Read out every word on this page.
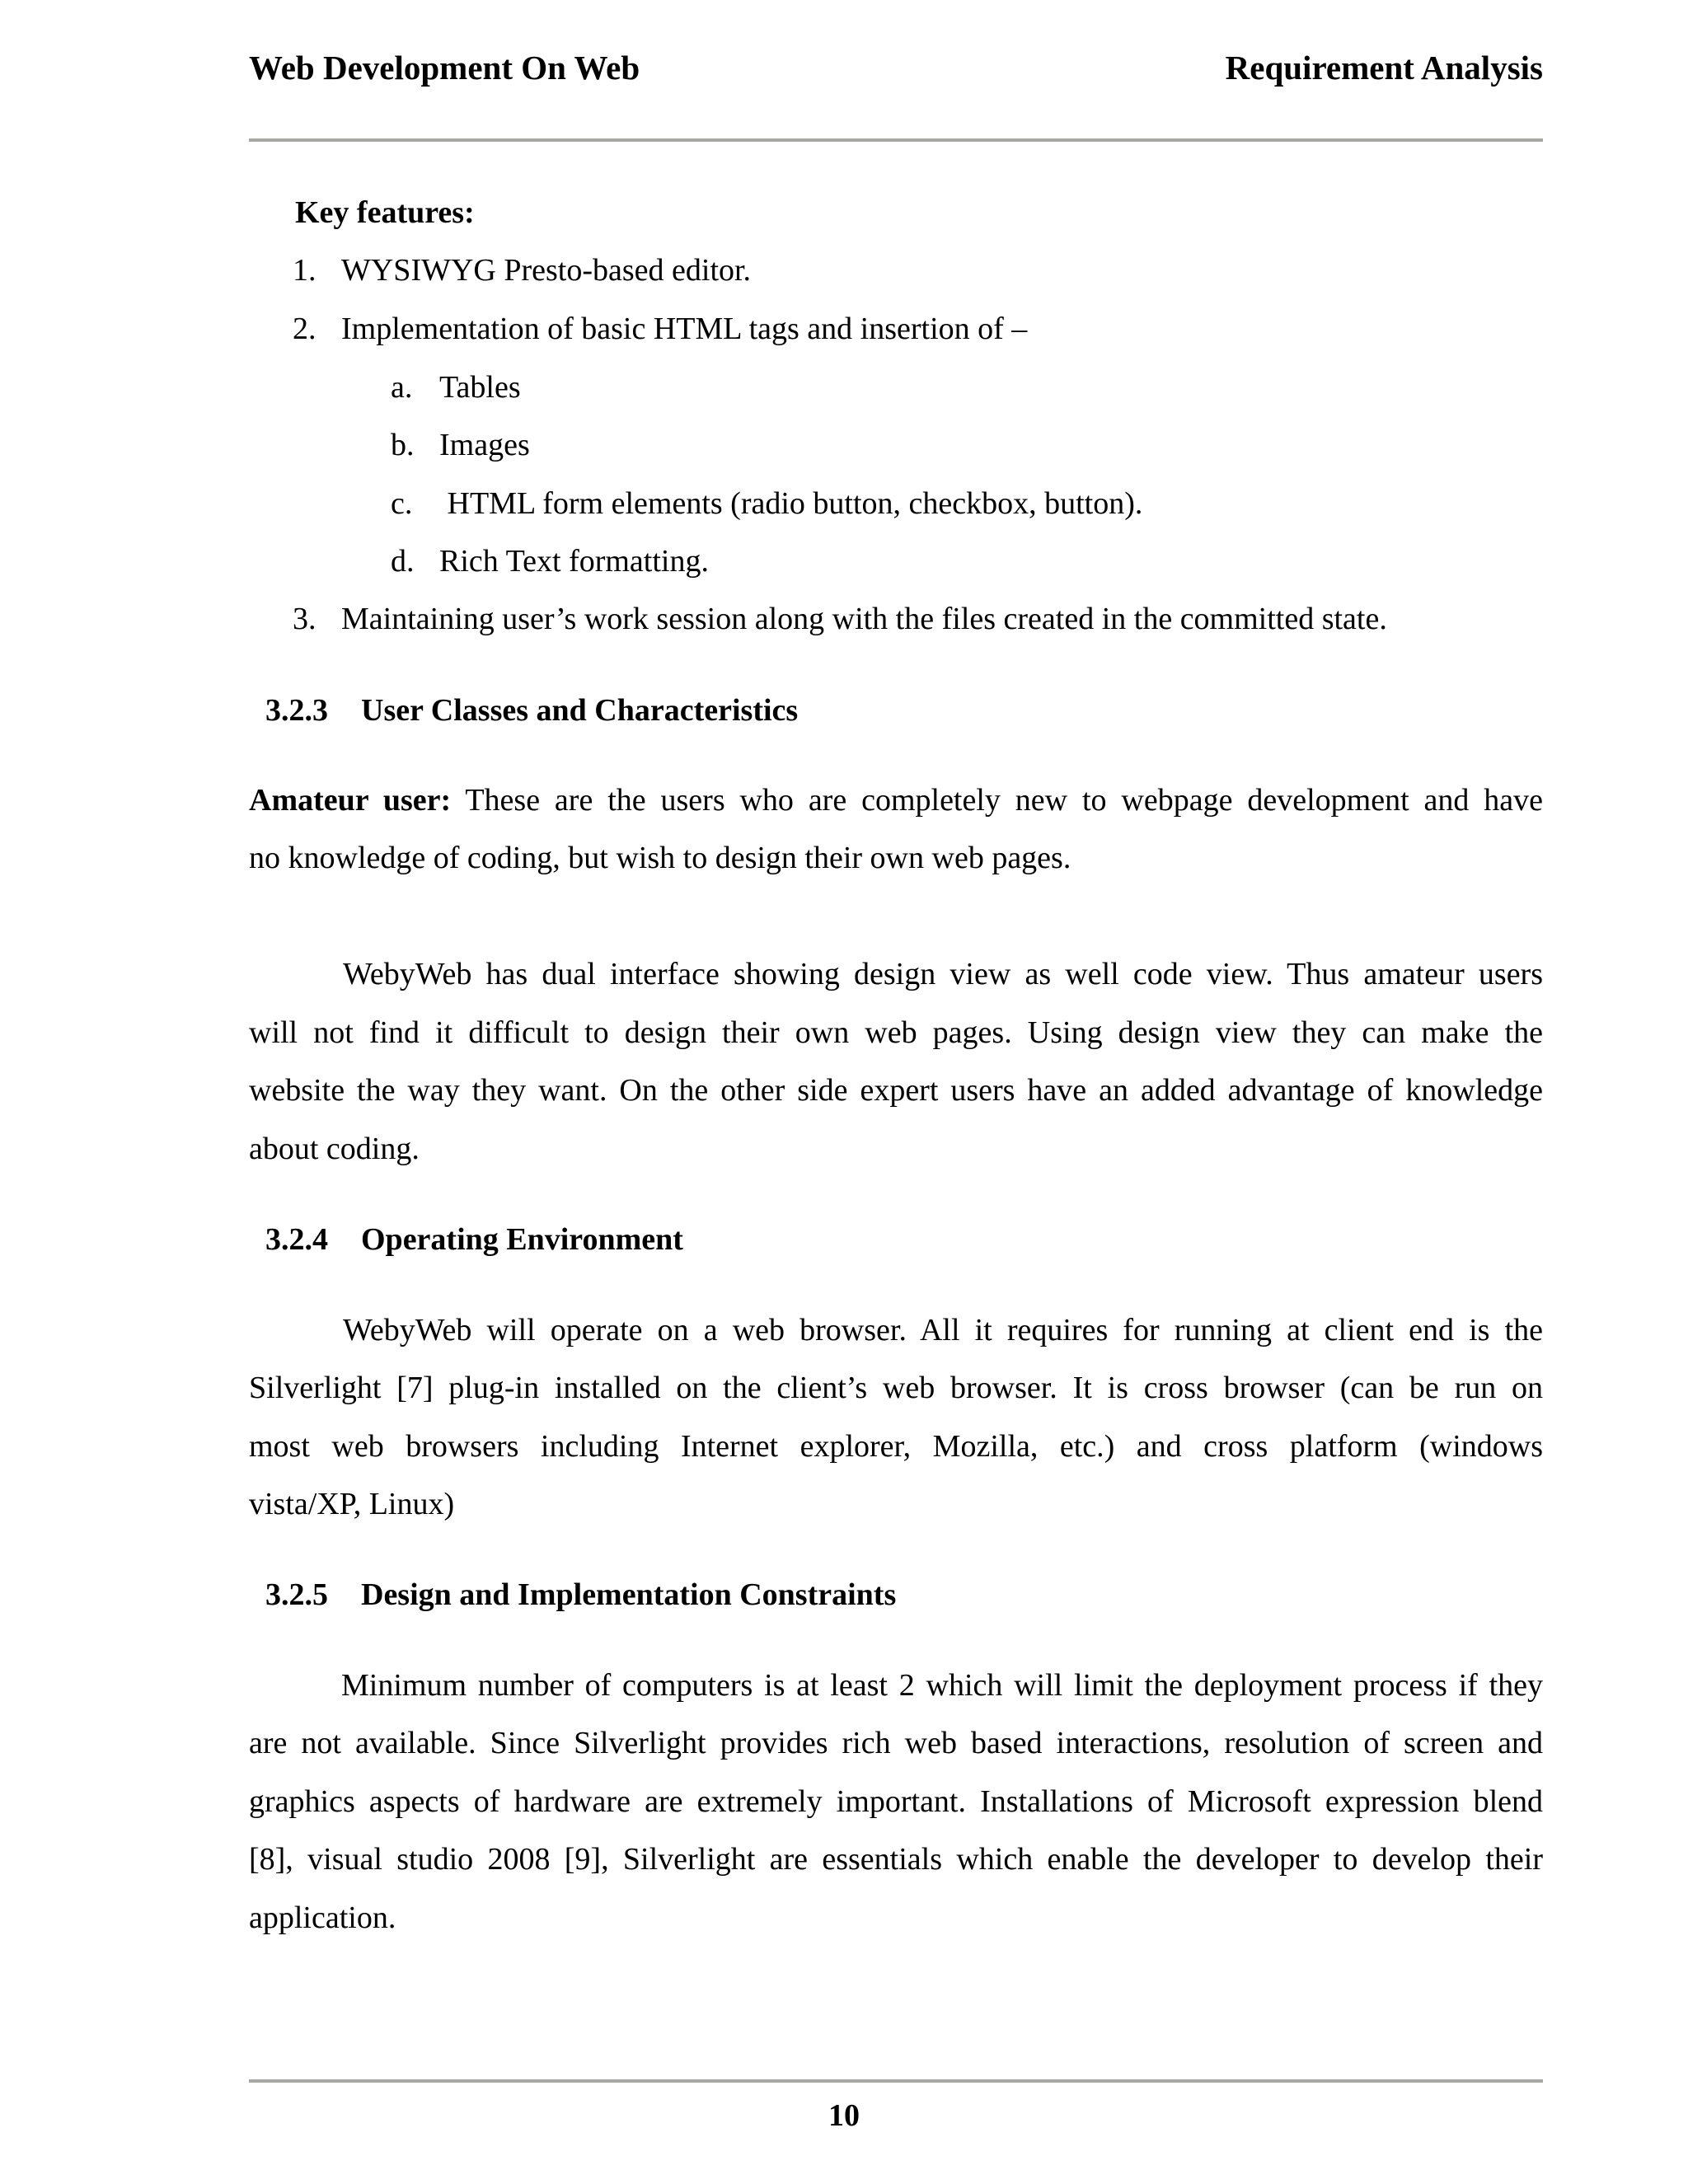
Web Development On Web	Requirement Analysis
Key features:
1. WYSIWYG Presto-based editor.
2. Implementation of basic HTML tags and insertion of –
a. Tables
b. Images
c. HTML form elements (radio button, checkbox, button).
d. Rich Text formatting.
3. Maintaining user’s work session along with the files created in the committed state.
3.2.3 User Classes and Characteristics
Amateur user: These are the users who are completely new to webpage development and have
no knowledge of coding, but wish to design their own web pages.
WebyWeb has dual interface showing design view as well code view. Thus amateur users
will not find it difficult to design their own web pages. Using design view they can make the
website the way they want. On the other side expert users have an added advantage of knowledge
about coding.
3.2.4 Operating Environment
WebyWeb will operate on a web browser. All it requires for running at client end is the
Silverlight [7] plug-in installed on the client’s web browser. It is cross browser (can be run on
most web browsers including Internet explorer, Mozilla, etc.) and cross platform (windows
vista/XP, Linux)
3.2.5 Design and Implementation Constraints
Minimum number of computers is at least 2 which will limit the deployment process if they
are not available. Since Silverlight provides rich web based interactions, resolution of screen and
graphics aspects of hardware are extremely important. Installations of Microsoft expression blend
[8], visual studio 2008 [9], Silverlight are essentials which enable the developer to develop their
application.
10
